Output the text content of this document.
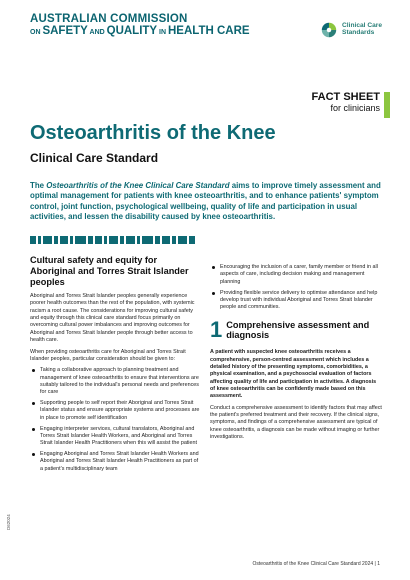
AUSTRALIAN COMMISSION
ON SAFETY AND QUALITY IN HEALTH CARE	Clinical Care
Standards
FACT SHEET
for clinicians
Osteoarthritis of the Knee
Clinical Care Standard

The Osteoarthritis of the Knee Clinical Care Standard aims to improve timely assessment and optimal management for patients with knee osteoarthritis, and to enhance patients' symptom control, joint function, psychological wellbeing, quality of life and participation in usual activities, and lessen the disability caused by knee osteoarthritis.

Cultural safety and equity for Aboriginal and Torres Strait Islander peoples

Aboriginal and Torres Strait Islander peoples generally experience poorer health outcomes than the rest of the population, with systemic racism a root cause. The considerations for improving cultural safety and equity through this clinical care standard focus primarily on overcoming cultural power imbalances and improving outcomes for Aboriginal and Torres Strait Islander people through better access to health care.

When providing osteoarthritis care for Aboriginal and Torres Strait Islander peoples, particular consideration should be given to:

Taking a collaborative approach to planning treatment and management of knee osteoarthritis to ensure that interventions are suitably tailored to the individual's personal needs and preferences for care
Supporting people to self report their Aboriginal and Torres Strait Islander status and ensure appropriate systems and processes are in place to promote self identification
Engaging interpreter services, cultural translators, Aboriginal and Torres Strait Islander Health Workers, and Aboriginal and Torres Strait Islander Health Practitioners when this will assist the patient
Engaging Aboriginal and Torres Strait Islander Health Workers and Aboriginal and Torres Strait Islander Health Practitioners as part of a patient's multidisciplinary team
Encouraging the inclusion of a carer, family member or friend in all aspects of care, including decision making and management planning
Providing flexible service delivery to optimise attendance and help develop trust with individual Aboriginal and Torres Strait Islander people and communities.
1 Comprehensive assessment and diagnosis

A patient with suspected knee osteoarthritis receives a comprehensive, person-centred assessment which includes a detailed history of the presenting symptoms, comorbidities, a physical examination, and a psychosocial evaluation of factors affecting quality of life and participation in activities. A diagnosis of knee osteoarthritis can be confidently made based on this assessment.

Conduct a comprehensive assessment to identify factors that may affect the patient's preferred treatment and their recovery. If the clinical signs, symptoms, and findings of a comprehensive assessment are typical of knee osteoarthritis, a diagnosis can be made without imaging or further investigations.

D62024
Osteoarthritis of the Knee Clinical Care Standard 2024 | 1
